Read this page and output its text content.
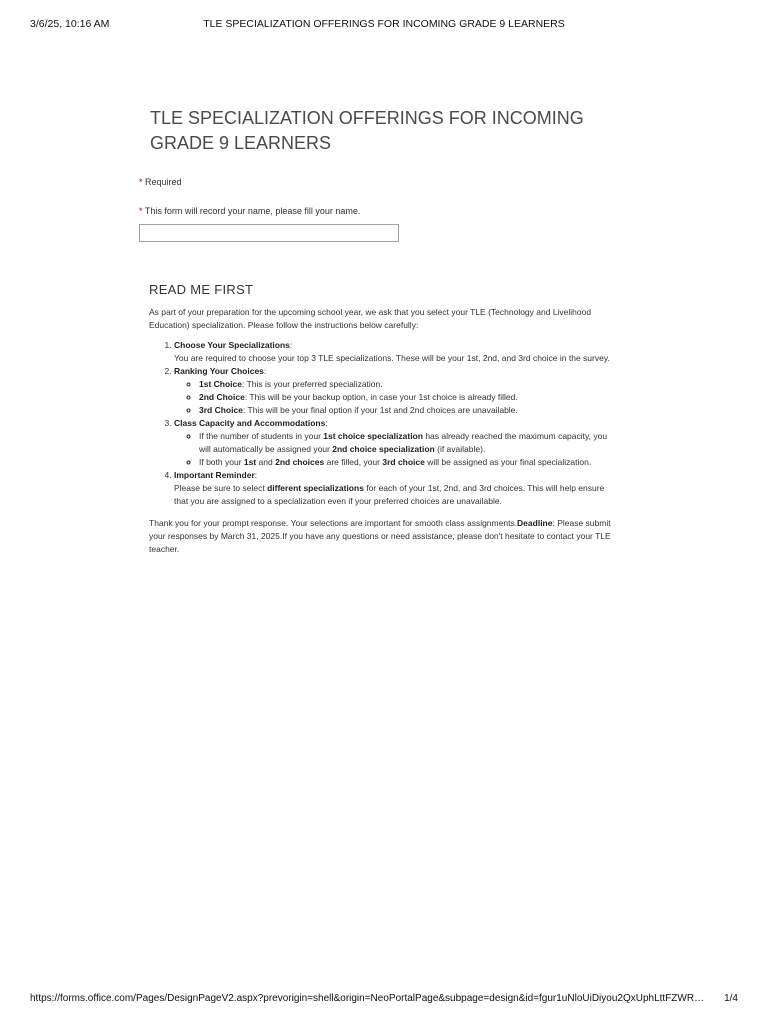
3/6/25, 10:16 AM	TLE SPECIALIZATION OFFERINGS FOR INCOMING GRADE 9 LEARNERS
TLE SPECIALIZATION OFFERINGS FOR INCOMING GRADE 9 LEARNERS
* Required
* This form will record your name, please fill your name.
READ ME FIRST

As part of your preparation for the upcoming school year, we ask that you select your TLE (Technology and Livelihood Education) specialization. Please follow the instructions below carefully:

1. Choose Your Specializations:
You are required to choose your top 3 TLE specializations. These will be your 1st, 2nd, and 3rd choice in the survey.
2. Ranking Your Choices:
◦ 1st Choice: This is your preferred specialization.
◦ 2nd Choice: This will be your backup option, in case your 1st choice is already filled.
◦ 3rd Choice: This will be your final option if your 1st and 2nd choices are unavailable.
3. Class Capacity and Accommodations:
◦ If the number of students in your 1st choice specialization has already reached the maximum capacity, you will automatically be assigned your 2nd choice specialization (if available).
◦ If both your 1st and 2nd choices are filled, your 3rd choice will be assigned as your final specialization.
4. Important Reminder:
Please be sure to select different specializations for each of your 1st, 2nd, and 3rd choices. This will help ensure that you are assigned to a specialization even if your preferred choices are unavailable.

Thank you for your prompt response. Your selections are important for smooth class assignments.Deadline: Please submit your responses by March 31, 2025.If you have any questions or need assistance, please don't hesitate to contact your TLE teacher.

https://forms.office.com/Pages/DesignPageV2.aspx?prevorigin=shell&origin=NeoPortalPage&subpage=design&id=fgur1uNloUiDiyou2QxUphLttFZWR… 1/4
